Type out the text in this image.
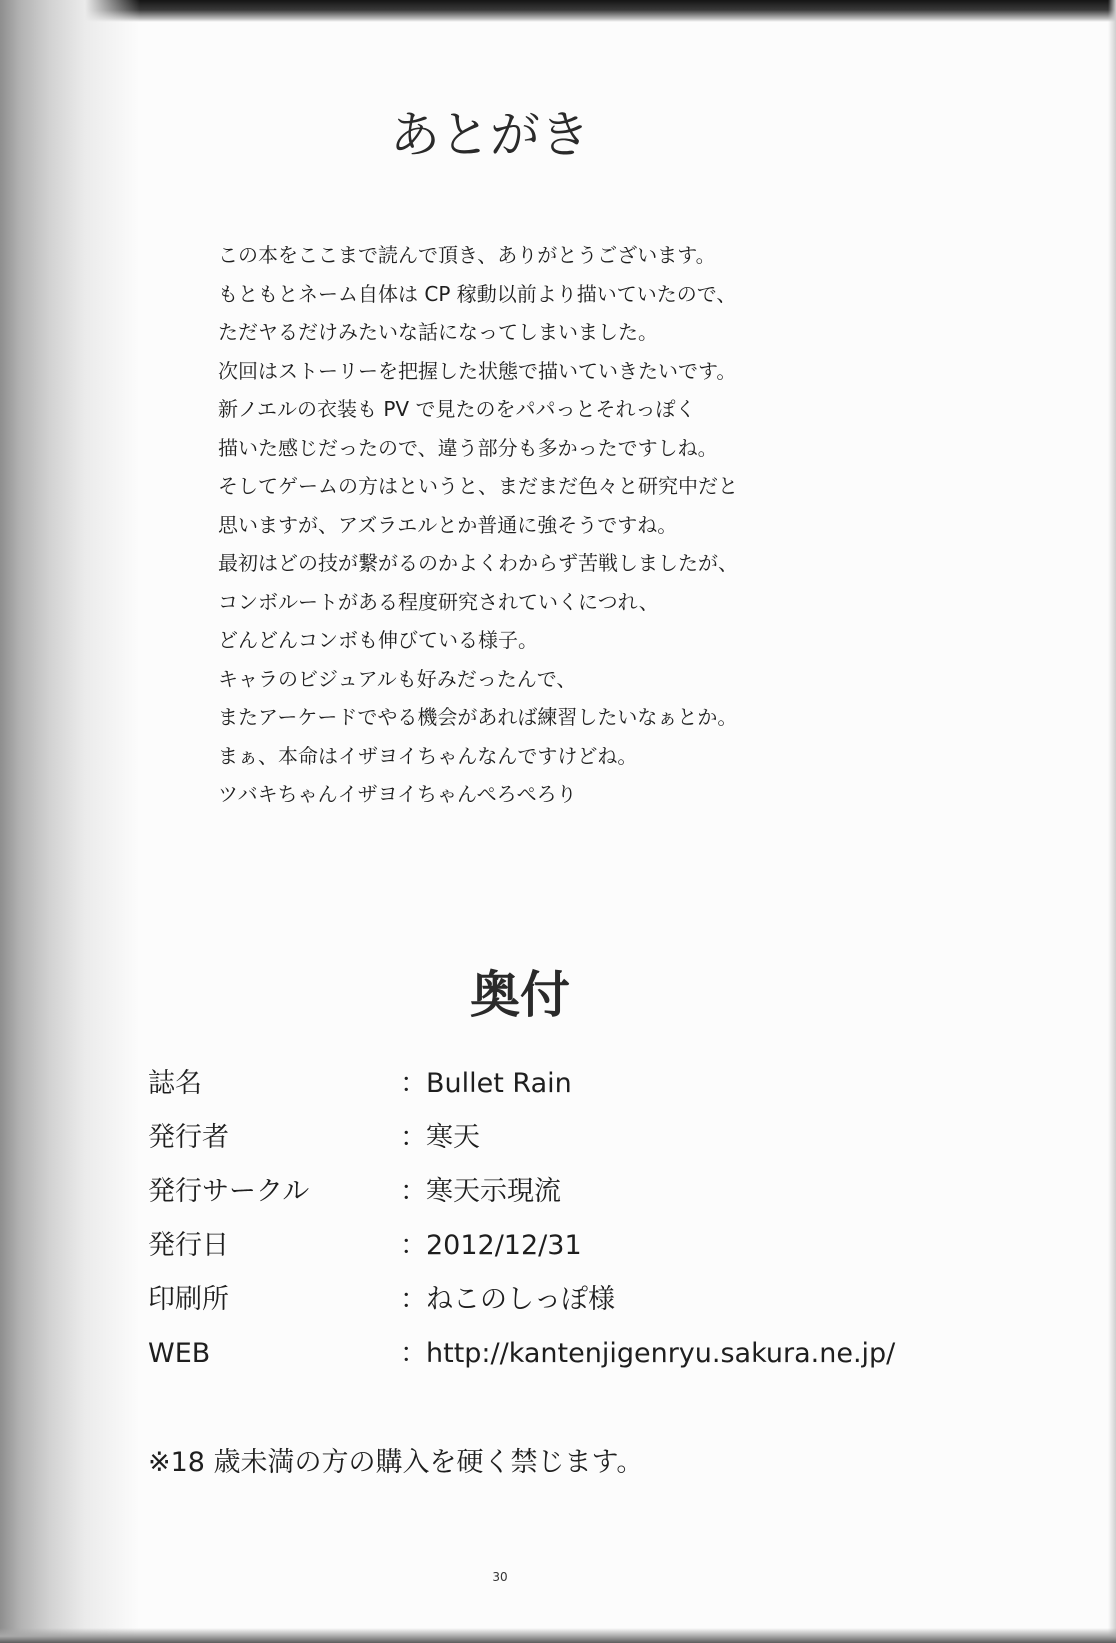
あとがき
この本をここまで読んで頂き、ありがとうございます。
もともとネーム自体は CP 稼動以前より描いていたので、
ただヤるだけみたいな話になってしまいました。
次回はストーリーを把握した状態で描いていきたいです。
新ノエルの衣装も PV で見たのをパパっとそれっぽく
描いた感じだったので、違う部分も多かったですしね。
そしてゲームの方はというと、まだまだ色々と研究中だと
思いますが、アズラエルとか普通に強そうですね。
最初はどの技が繋がるのかよくわからず苦戦しましたが、
コンボルートがある程度研究されていくにつれ、
どんどんコンボも伸びている様子。
キャラのビジュアルも好みだったんで、
またアーケードでやる機会があれば練習したいなぁとか。
まぁ、本命はイザヨイちゃんなんですけどね。
ツバキちゃんイザヨイちゃんぺろぺろり
奥付
誌名	： Bullet Rain
発行者	： 寒天
発行サークル	： 寒天示現流
発行日	： 2012/12/31
印刷所	： ねこのしっぽ様
WEB	： http://kantenjigenryu.sakura.ne.jp/
※18 歳未満の方の購入を硬く禁じます。
30
